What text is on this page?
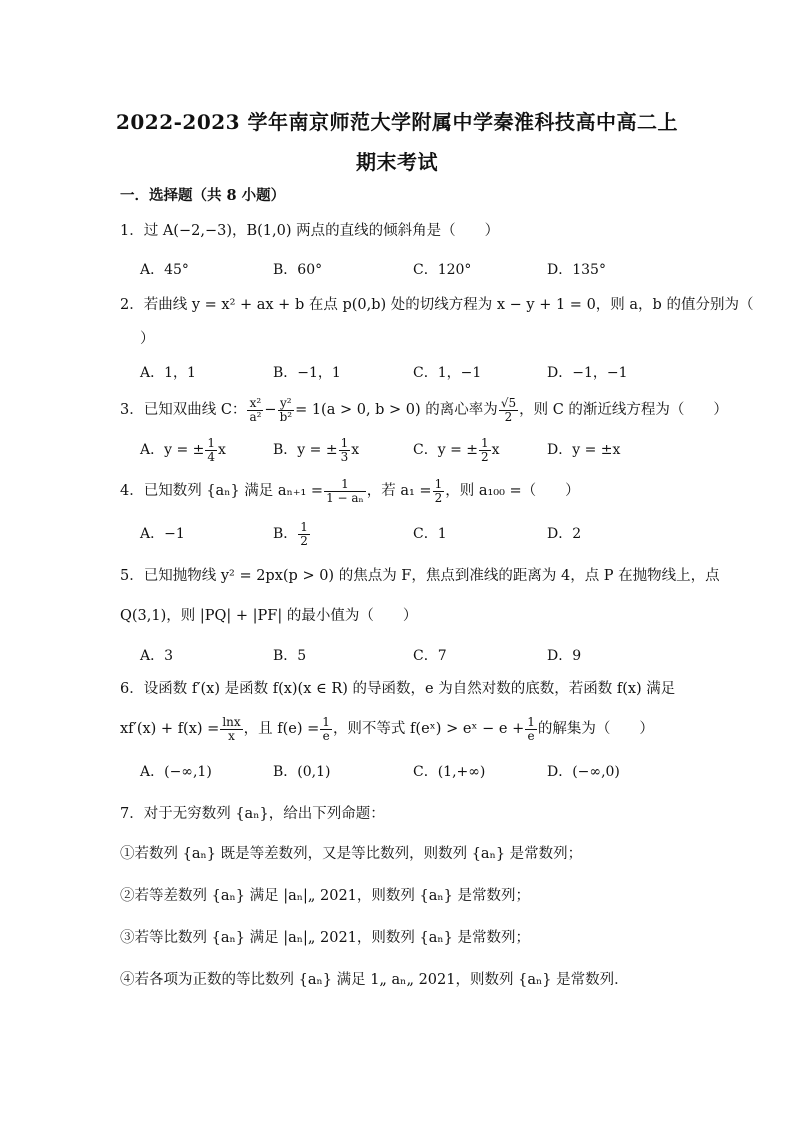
2022-2023 学年南京师范大学附属中学秦淮科技高中高二上
期末考试
一．选择题（共 8 小题）
1．过 A(−2,−3)，B(1,0) 两点的直线的倾斜角是（　　）
A．45°	B．60°	C．120°	D．135°
2．若曲线 y = x² + ax + b 在点 p(0,b) 处的切线方程为 x − y + 1 = 0，则 a，b 的值分别为（
）
A．1，1	B．−1，1	C．1，−1	D．−1，−1
3．已知双曲线 C： $\frac{\text{x²}}{\text{a²}} - \frac{\text{y²}}{\text{b²}} = 1(a > 0$, b > 0) 的离心率为 $\frac{√5}{2}$ ，则 C 的渐近线方程为（　　）
A．y = ± $\frac{1}{4}$ x	B．y = ± $\frac{1}{3}$ x	C．y = ± $\frac{1}{2}$ x	D．y = ±x
4．已知数列 {aₙ} 满足 $a_{n+1} = \frac{1}{\text{1 − aₙ}}$ ，若 $a_1 = \frac{1}{2}$ ，则 a₁₀₀ =（　　）
A．−1	B． $\frac{1}{2}$	C．1	D．2
5．已知抛物线 y² = 2px(p > 0) 的焦点为 F，焦点到准线的距离为 4，点 P 在抛物线上，点
Q(3,1)，则 |PQ| + |PF| 的最小值为（　　）
A．3	B．5	C．7	D．9
6．设函数 f′(x) 是函数 f(x)(x ∈ R) 的导函数，e 为自然对数的底数，若函数 f(x) 满足
$xf'(x) + f(x) = \frac{\ln x}{x}$ ，且 $f(e) = \frac{1}{e}$ ，则不等式 f(eˣ) > eˣ − $e + \frac{1}{e}$ 的解集为（　　）
A．(−∞,1)	B．(0,1)	C．(1,+∞)	D．(−∞,0)
7．对于无穷数列 {aₙ}，给出下列命题：
①若数列 {aₙ} 既是等差数列，又是等比数列，则数列 {aₙ} 是常数列；
②若等差数列 {aₙ} 满足 |aₙ|„ 2021，则数列 {aₙ} 是常数列；
③若等比数列 {aₙ} 满足 |aₙ|„ 2021，则数列 {aₙ} 是常数列；
④若各项为正数的等比数列 {aₙ} 满足 1„ aₙ„ 2021，则数列 {aₙ} 是常数列．
